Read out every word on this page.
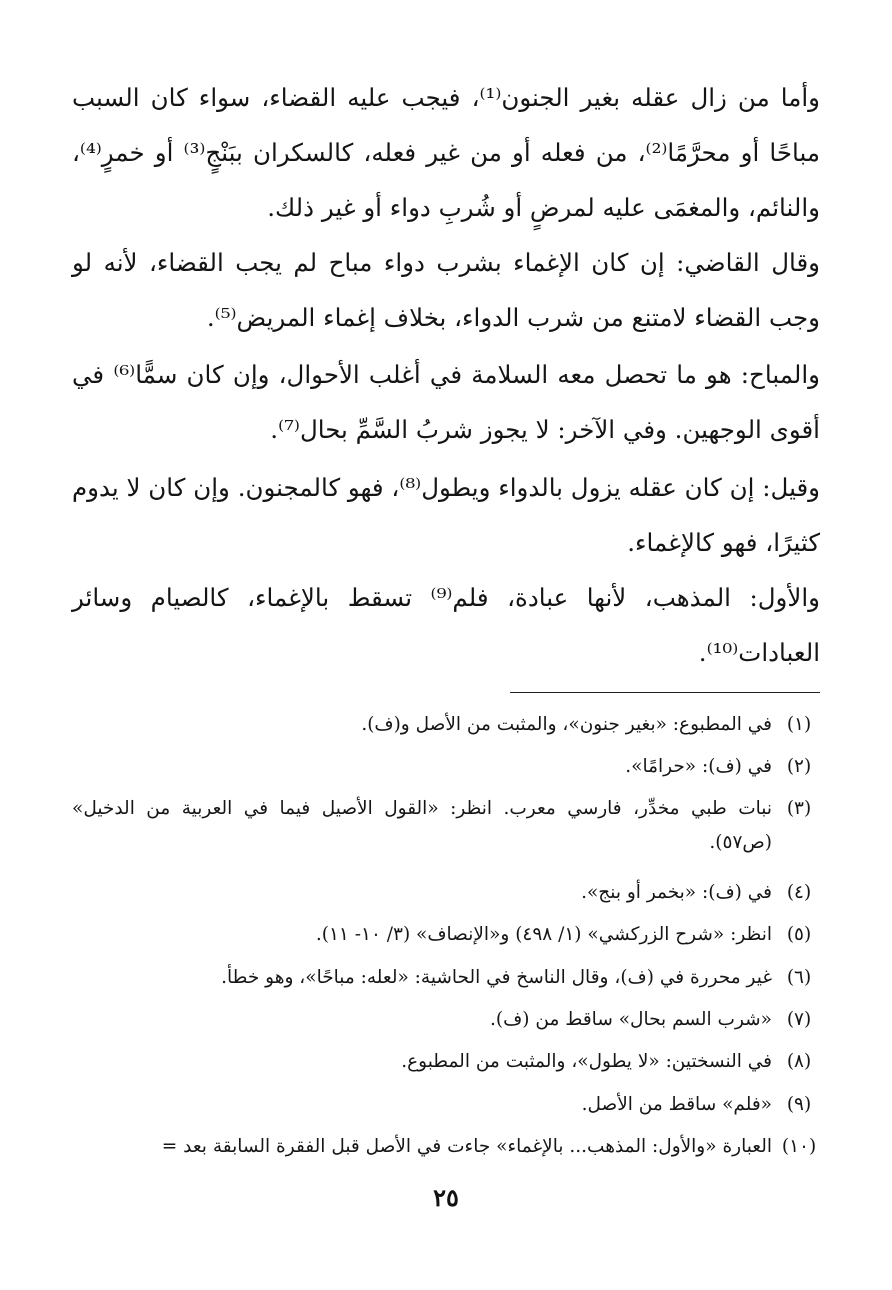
وأما من زال عقله بغير الجنون⁽¹⁾، فيجب عليه القضاء، سواء كان السبب مباحًا أو محرَّمًا⁽²⁾، من فعله أو من غير فعله، كالسكران ببَنْجٍ⁽³⁾ أو خمرٍ⁽⁴⁾، والنائم، والمغمَى عليه لمرضٍ أو شُربِ دواء أو غير ذلك.

وقال القاضي: إن كان الإغماء بشرب دواء مباح لم يجب القضاء، لأنه لو وجب القضاء لامتنع من شرب الدواء، بخلاف إغماء المريض⁽⁵⁾.

والمباح: هو ما تحصل معه السلامة في أغلب الأحوال، وإن كان سمًّا⁽⁶⁾ في أقوى الوجهين. وفي الآخر: لا يجوز شربُ السَّمِّ بحال⁽⁷⁾.

وقيل: إن كان عقله يزول بالدواء ويطول⁽⁸⁾، فهو كالمجنون. وإن كان لا يدوم كثيرًا، فهو كالإغماء.

والأول: المذهب، لأنها عبادة، فلم⁽⁹⁾ تسقط بالإغماء، كالصيام وسائر العبادات⁽¹⁰⁾.

(١)
في المطبوع: «بغير جنون»، والمثبت من الأصل و(ف).
(٢)
في (ف): «حرامًا».
(٣)
نبات طبي مخدِّر، فارسي معرب. انظر: «القول الأصيل فيما في العربية من الدخيل» (ص٥٧).
(٤)
في (ف): «بخمر أو بنج».
(٥)
انظر: «شرح الزركشي» (١/ ٤٩٨) و«الإنصاف» (٣/ ١٠- ١١).
(٦)
غير محررة في (ف)، وقال الناسخ في الحاشية: «لعله: مباحًا»، وهو خطأ.
(٧)
«شرب السم بحال» ساقط من (ف).
(٨)
في النسختين: «لا يطول»، والمثبت من المطبوع.
(٩)
«فلم» ساقط من الأصل.
(١٠)
العبارة «والأول: المذهب... بالإغماء» جاءت في الأصل قبل الفقرة السابقة بعد =
٢٥
